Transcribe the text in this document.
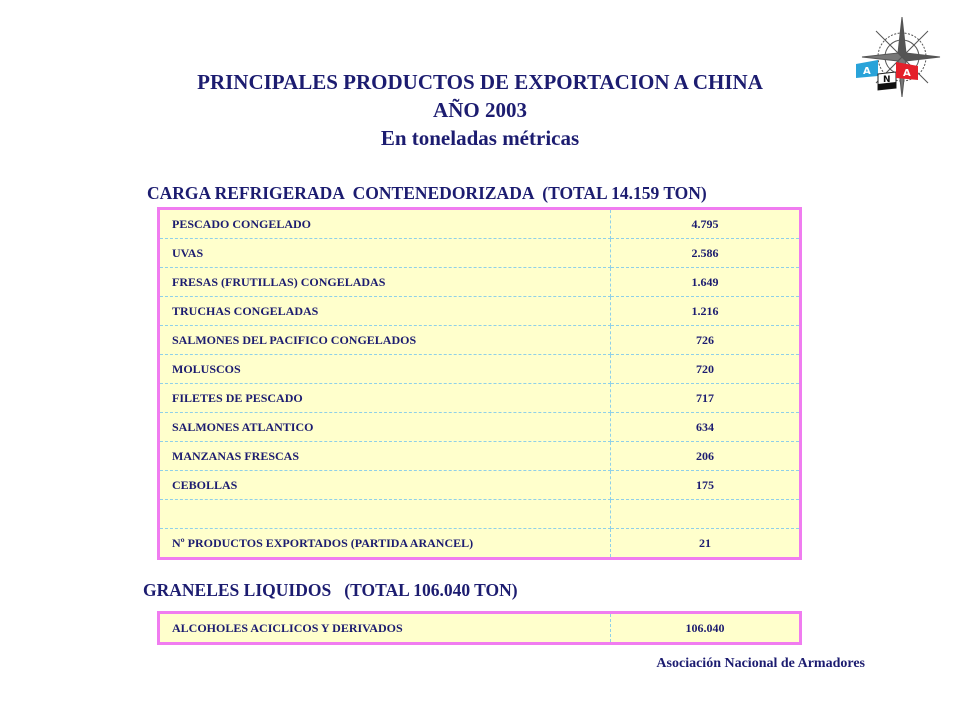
PRINCIPALES PRODUCTOS DE EXPORTACION A CHINA
AÑO 2003
En toneladas métricas
A
N
A
CARGA REFRIGERADA  CONTENEDORIZADA  (TOTAL 14.159 TON)
PESCADO CONGELADO	4.795
UVAS	2.586
FRESAS (FRUTILLAS) CONGELADAS	1.649
TRUCHAS CONGELADAS	1.216
SALMONES DEL PACIFICO CONGELADOS	726
MOLUSCOS	720
FILETES DE PESCADO	717
SALMONES ATLANTICO	634
MANZANAS FRESCAS	206
CEBOLLAS	175

Nº PRODUCTOS EXPORTADOS (PARTIDA ARANCEL)	21
GRANELES LIQUIDOS   (TOTAL 106.040 TON)
ALCOHOLES ACICLICOS Y DERIVADOS	106.040
Asociación Nacional de Armadores
